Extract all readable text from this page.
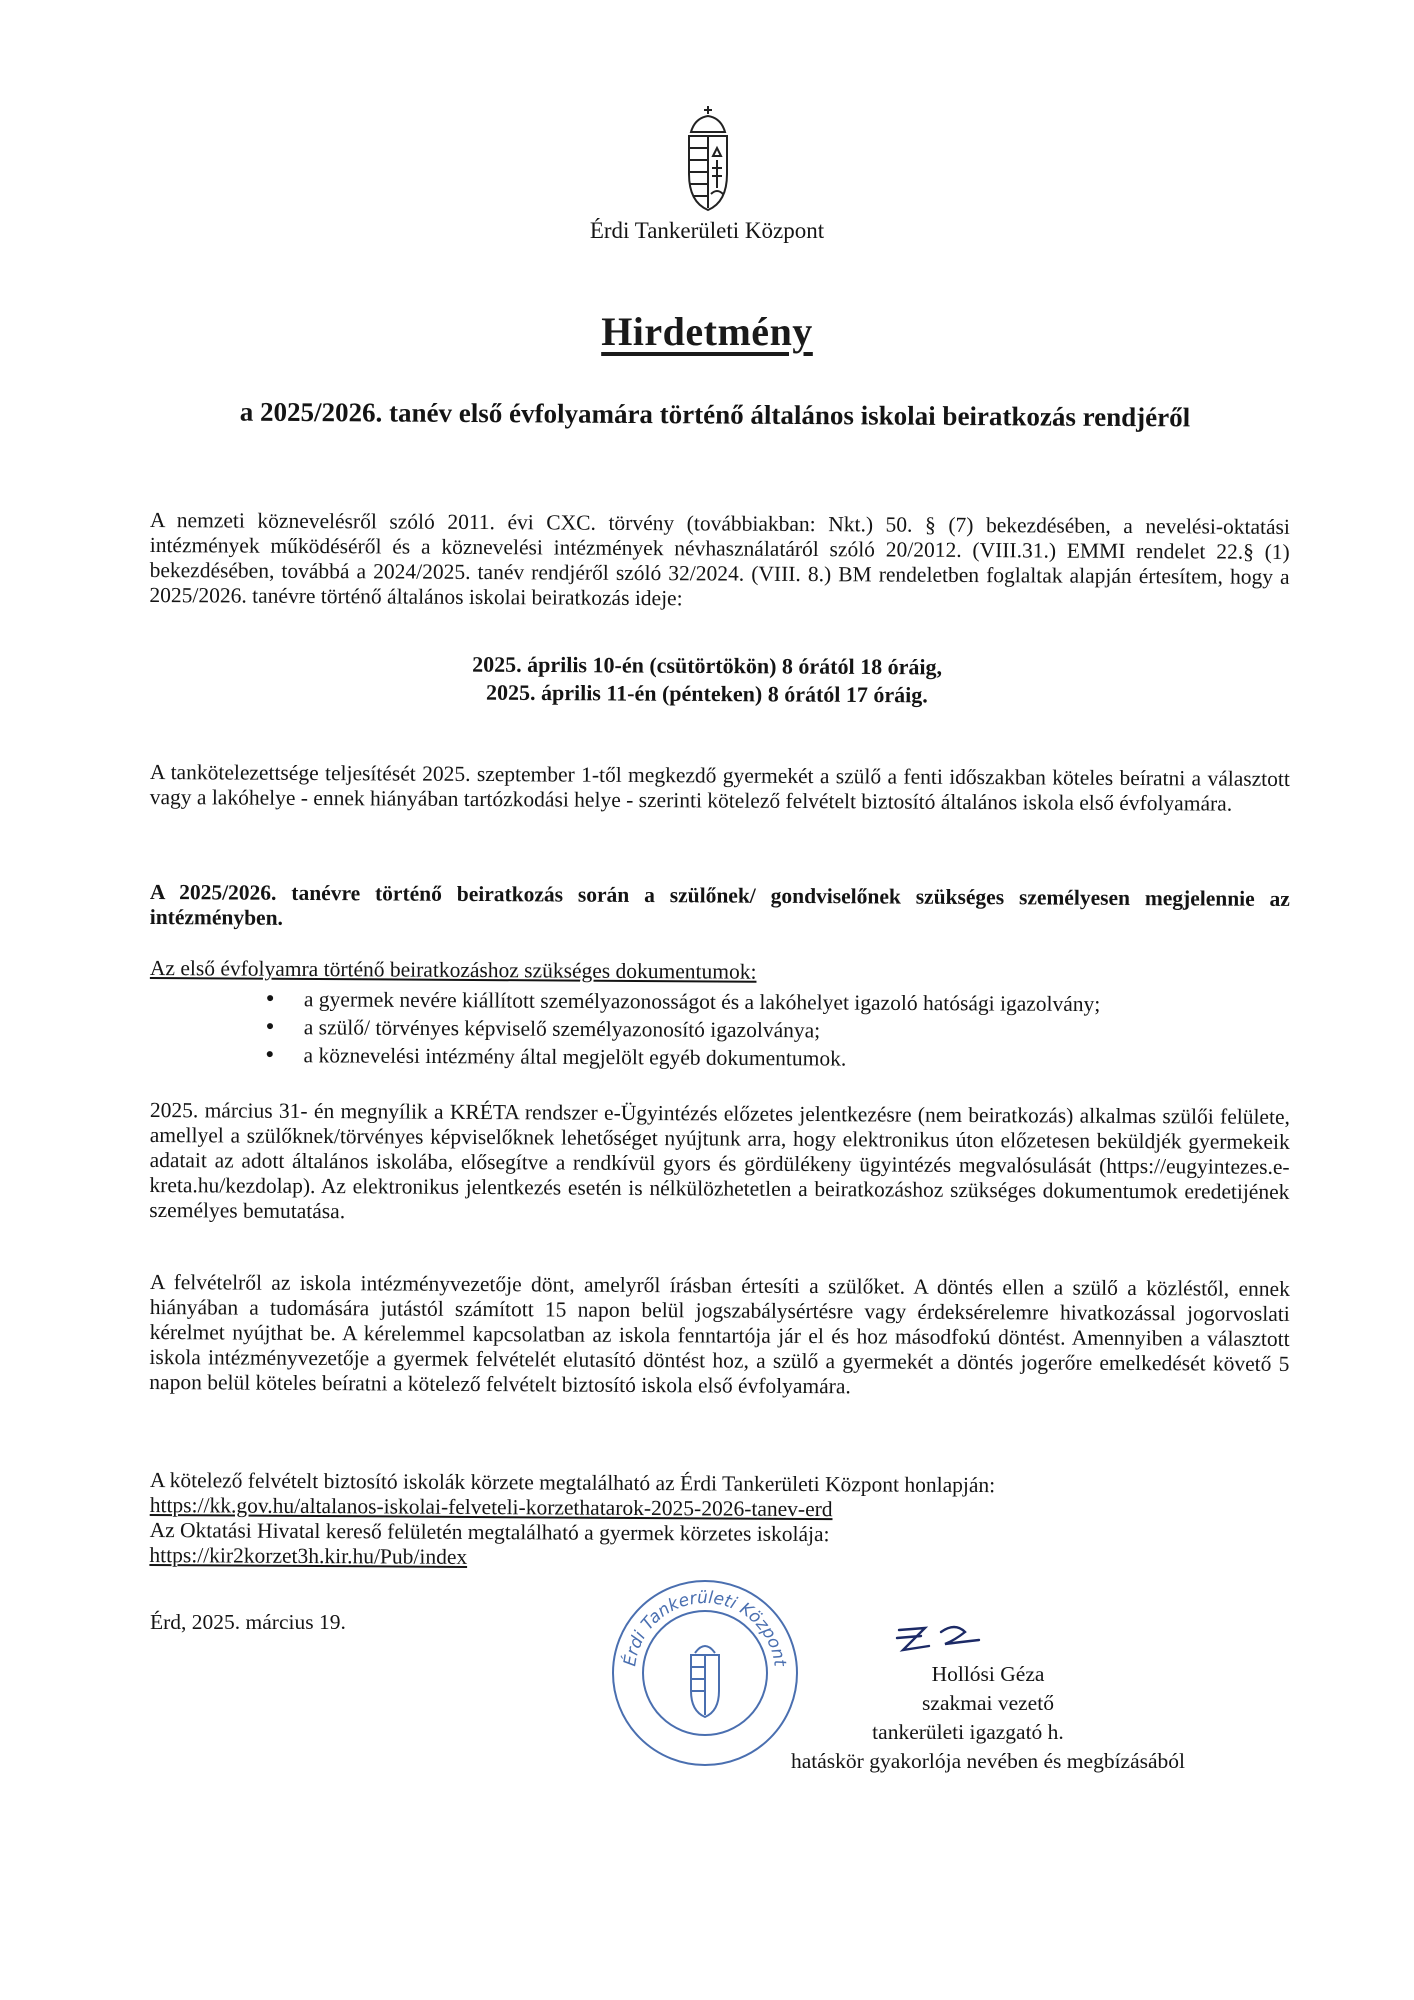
Érdi Tankerületi Központ
Hirdetmény
a 2025/2026. tanév első évfolyamára történő általános iskolai beiratkozás rendjéről
A nemzeti köznevelésről szóló 2011. évi CXC. törvény (továbbiakban: Nkt.) 50. § (7) bekezdésében, a nevelési-oktatási intézmények működéséről és a köznevelési intézmények névhasználatáról szóló 20/2012. (VIII.31.) EMMI rendelet 22.§ (1) bekezdésében, továbbá a 2024/2025. tanév rendjéről szóló 32/2024. (VIII. 8.) BM rendeletben foglaltak alapján értesítem, hogy a 2025/2026. tanévre történő általános iskolai beiratkozás ideje:
2025. április 10-én (csütörtökön) 8 órától 18 óráig,
2025. április 11-én (pénteken) 8 órától 17 óráig.
A tankötelezettsége teljesítését 2025. szeptember 1-től megkezdő gyermekét a szülő a fenti időszakban köteles beíratni a választott vagy a lakóhelye - ennek hiányában tartózkodási helye - szerinti kötelező felvételt biztosító általános iskola első évfolyamára.
A 2025/2026. tanévre történő beiratkozás során a szülőnek/ gondviselőnek szükséges személyesen megjelennie az intézményben.
Az első évfolyamra történő beiratkozáshoz szükséges dokumentumok:
● a gyermek nevére kiállított személyazonosságot és a lakóhelyet igazoló hatósági igazolvány;
● a szülő/ törvényes képviselő személyazonosító igazolványa;
● a köznevelési intézmény által megjelölt egyéb dokumentumok.
2025. március 31- én megnyílik a KRÉTA rendszer e-Ügyintézés előzetes jelentkezésre (nem beiratkozás) alkalmas szülői felülete, amellyel a szülőknek/törvényes képviselőknek lehetőséget nyújtunk arra, hogy elektronikus úton előzetesen beküldjék gyermekeik adatait az adott általános iskolába, elősegítve a rendkívül gyors és gördülékeny ügyintézés megvalósulását (https://eugyintezes.e-kreta.hu/kezdolap). Az elektronikus jelentkezés esetén is nélkülözhetetlen a beiratkozáshoz szükséges dokumentumok eredetijének személyes bemutatása.
A felvételről az iskola intézményvezetője dönt, amelyről írásban értesíti a szülőket. A döntés ellen a szülő a közléstől, ennek hiányában a tudomására jutástól számított 15 napon belül jogszabálysértésre vagy érdeksérelemre hivatkozással jogorvoslati kérelmet nyújthat be. A kérelemmel kapcsolatban az iskola fenntartója jár el és hoz másodfokú döntést. Amennyiben a választott iskola intézményvezetője a gyermek felvételét elutasító döntést hoz, a szülő a gyermekét a döntés jogerőre emelkedését követő 5 napon belül köteles beíratni a kötelező felvételt biztosító iskola első évfolyamára.
A kötelező felvételt biztosító iskolák körzete megtalálható az Érdi Tankerületi Központ honlapján:
https://kk.gov.hu/altalanos-iskolai-felveteli-korzethatarok-2025-2026-tanev-erd
Az Oktatási Hivatal kereső felületén megtalálható a gyermek körzetes iskolája:
https://kir2korzet3h.kir.hu/Pub/index
Érd, 2025. március 19.
Érdi Tankerületi Központ	Hollósi Géza
szakmai vezető
tankerületi igazgató h.
hatáskör gyakorlója nevében és megbízásából
